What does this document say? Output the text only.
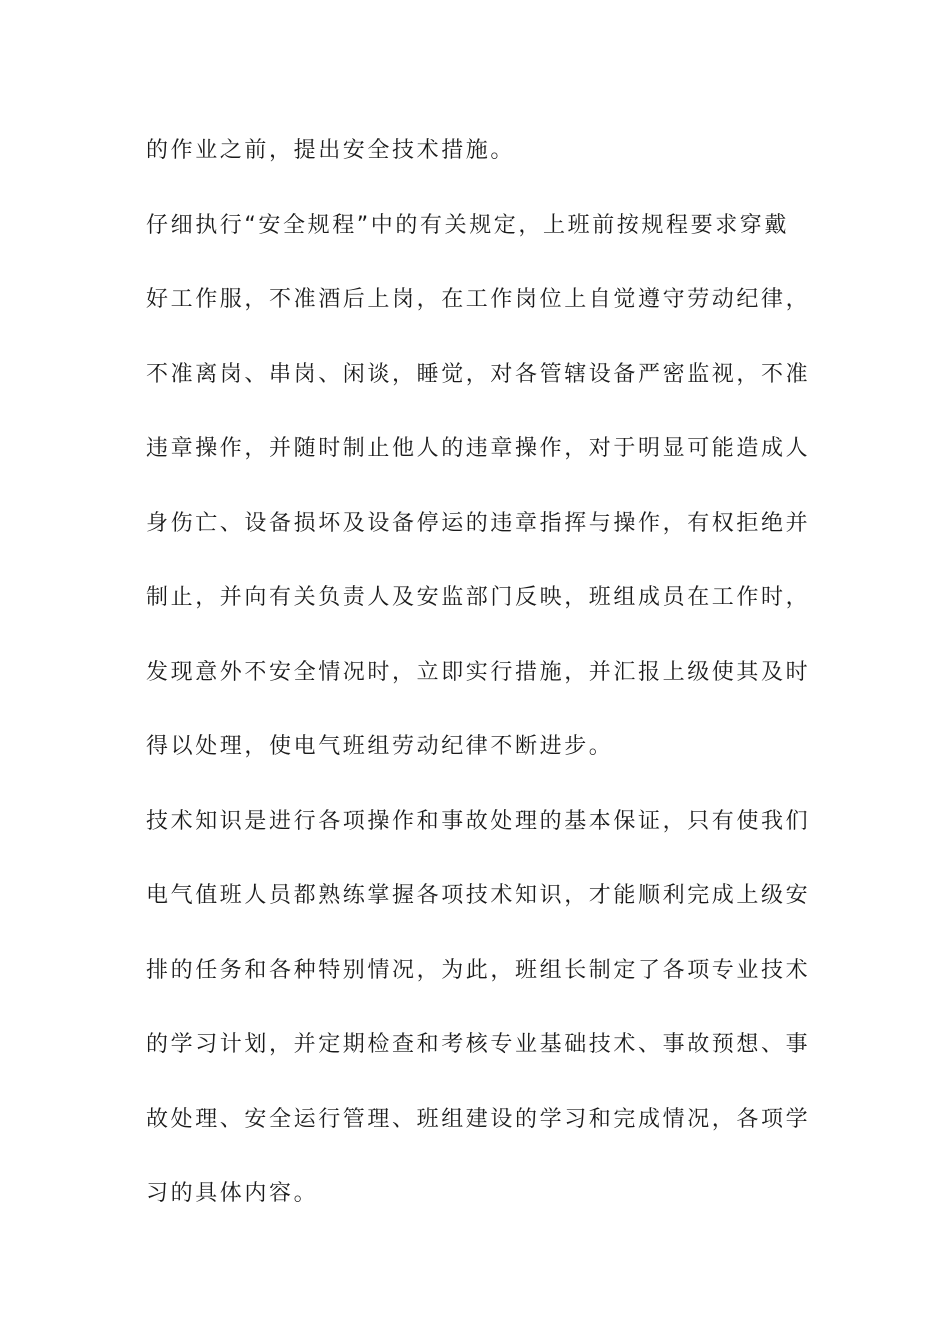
的作业之前，提出安全技术措施。
仔细执行“安全规程”中的有关规定，上班前按规程要求穿戴
好工作服，不准酒后上岗，在工作岗位上自觉遵守劳动纪律，
不准离岗、串岗、闲谈，睡觉，对各管辖设备严密监视，不准
违章操作，并随时制止他人的违章操作，对于明显可能造成人
身伤亡、设备损坏及设备停运的违章指挥与操作，有权拒绝并
制止，并向有关负责人及安监部门反映，班组成员在工作时，
发现意外不安全情况时，立即实行措施，并汇报上级使其及时
得以处理，使电气班组劳动纪律不断进步。
技术知识是进行各项操作和事故处理的基本保证，只有使我们
电气值班人员都熟练掌握各项技术知识，才能顺利完成上级安
排的任务和各种特别情况，为此，班组长制定了各项专业技术
的学习计划，并定期检查和考核专业基础技术、事故预想、事
故处理、安全运行管理、班组建设的学习和完成情况，各项学
习的具体内容。
